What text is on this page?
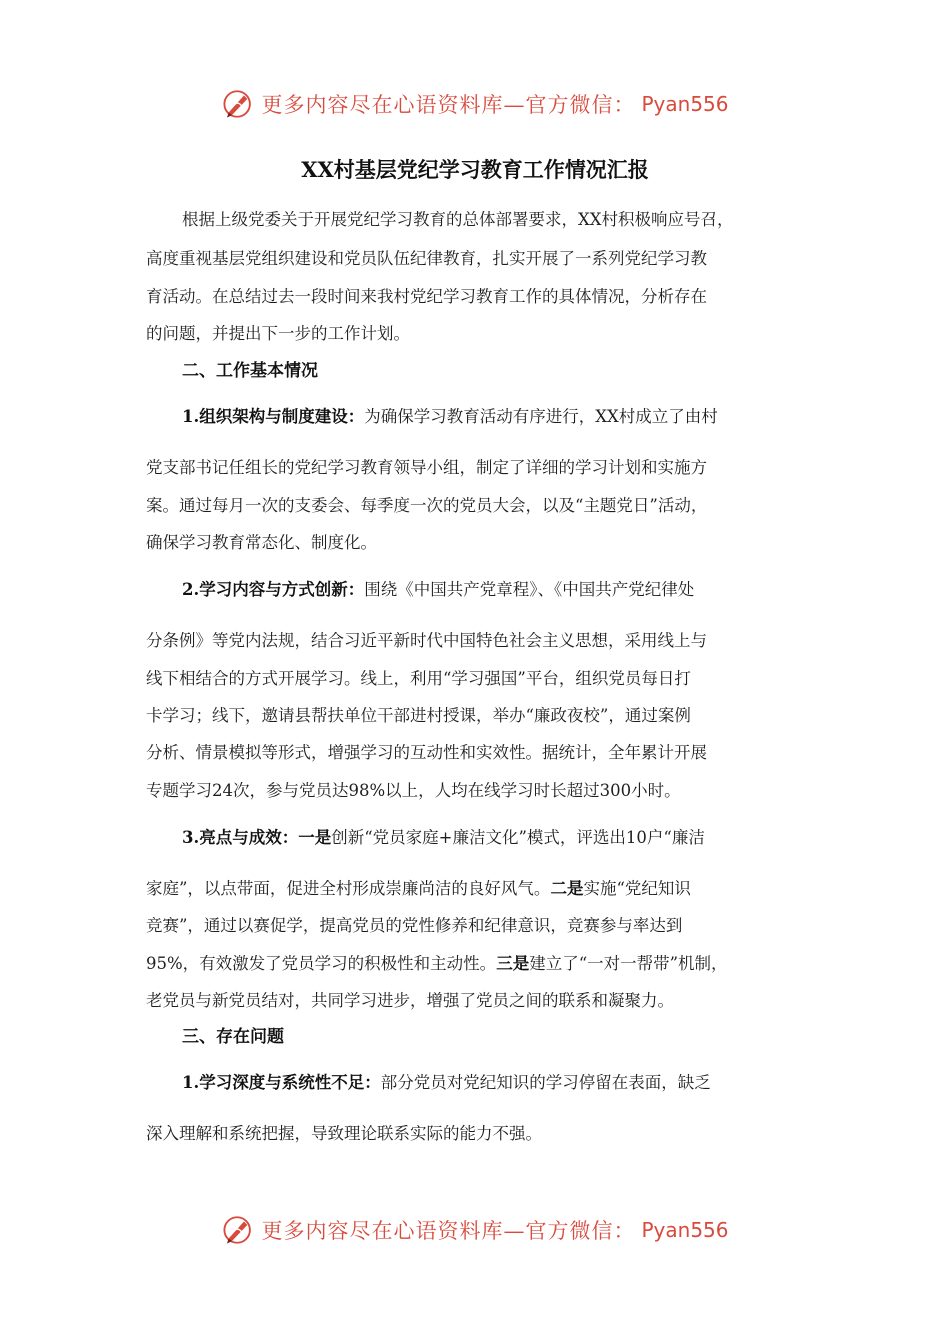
更多内容尽在心语资料库—官方微信： Pyan556
XX村基层党纪学习教育工作情况汇报
根据上级党委关于开展党纪学习教育的总体部署要求，XX村积极响应号召，
高度重视基层党组织建设和党员队伍纪律教育，扎实开展了一系列党纪学习教
育活动。在总结过去一段时间来我村党纪学习教育工作的具体情况，分析存在
的问题，并提出下一步的工作计划。
二、工作基本情况
1.组织架构与制度建设：为确保学习教育活动有序进行，XX村成立了由村
党支部书记任组长的党纪学习教育领导小组，制定了详细的学习计划和实施方
案。通过每月一次的支委会、每季度一次的党员大会，以及“主题党日”活动，
确保学习教育常态化、制度化。
2.学习内容与方式创新：围绕《中国共产党章程》、《中国共产党纪律处
分条例》等党内法规，结合习近平新时代中国特色社会主义思想，采用线上与
线下相结合的方式开展学习。线上，利用“学习强国”平台，组织党员每日打
卡学习；线下，邀请县帮扶单位干部进村授课，举办“廉政夜校”，通过案例
分析、情景模拟等形式，增强学习的互动性和实效性。据统计，全年累计开展
专题学习24次，参与党员达98%以上，人均在线学习时长超过300小时。
3.亮点与成效：一是创新“党员家庭+廉洁文化”模式，评选出10户“廉洁
家庭”，以点带面，促进全村形成崇廉尚洁的良好风气。二是实施“党纪知识
竞赛”，通过以赛促学，提高党员的党性修养和纪律意识，竞赛参与率达到
95%，有效激发了党员学习的积极性和主动性。三是建立了“一对一帮带”机制，
老党员与新党员结对，共同学习进步，增强了党员之间的联系和凝聚力。
三、存在问题
1.学习深度与系统性不足：部分党员对党纪知识的学习停留在表面，缺乏
深入理解和系统把握，导致理论联系实际的能力不强。
更多内容尽在心语资料库—官方微信： Pyan556
